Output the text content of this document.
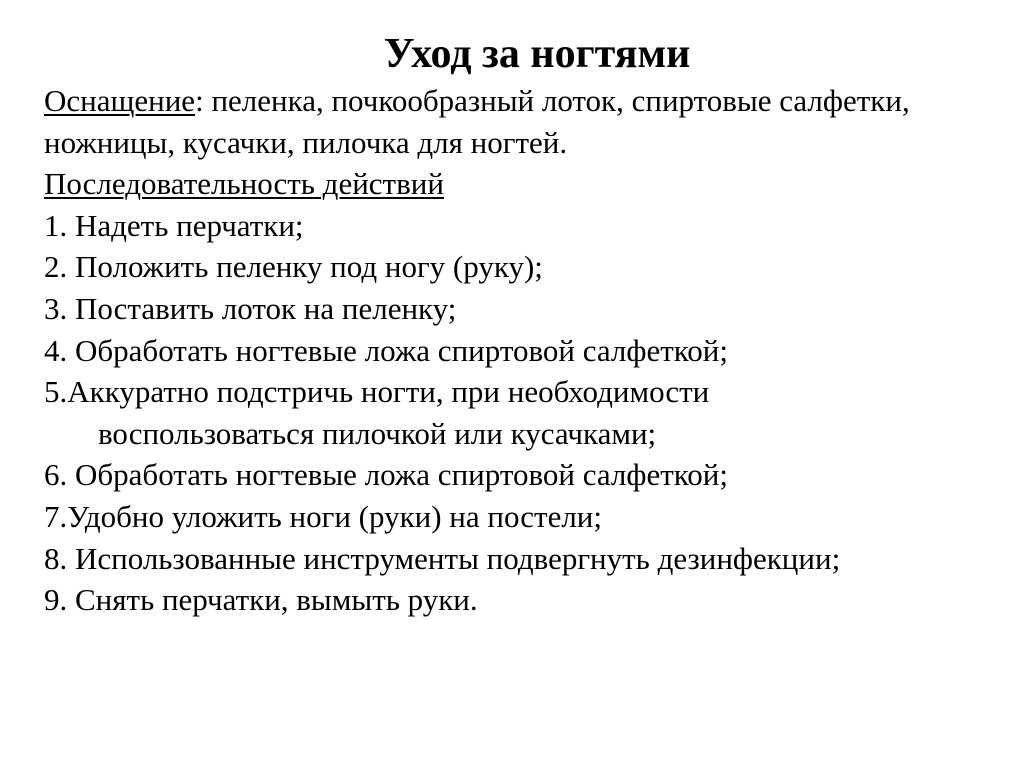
Уход за ногтями

Оснащение: пеленка, почкообразный лоток, спиртовые салфетки,

ножницы, кусачки, пилочка для ногтей.

Последовательность действий

1. Надеть перчатки;

2. Положить пеленку под ногу (руку);

3. Поставить лоток на пеленку;

4. Обработать ногтевые ложа спиртовой салфеткой;

5.Аккуратно подстричь ногти, при необходимости

воспользоваться пилочкой или кусачками;

6. Обработать ногтевые ложа спиртовой салфеткой;

7.Удобно уложить ноги (руки) на постели;

8. Использованные инструменты подвергнуть дезинфекции;

9. Снять перчатки, вымыть руки.
